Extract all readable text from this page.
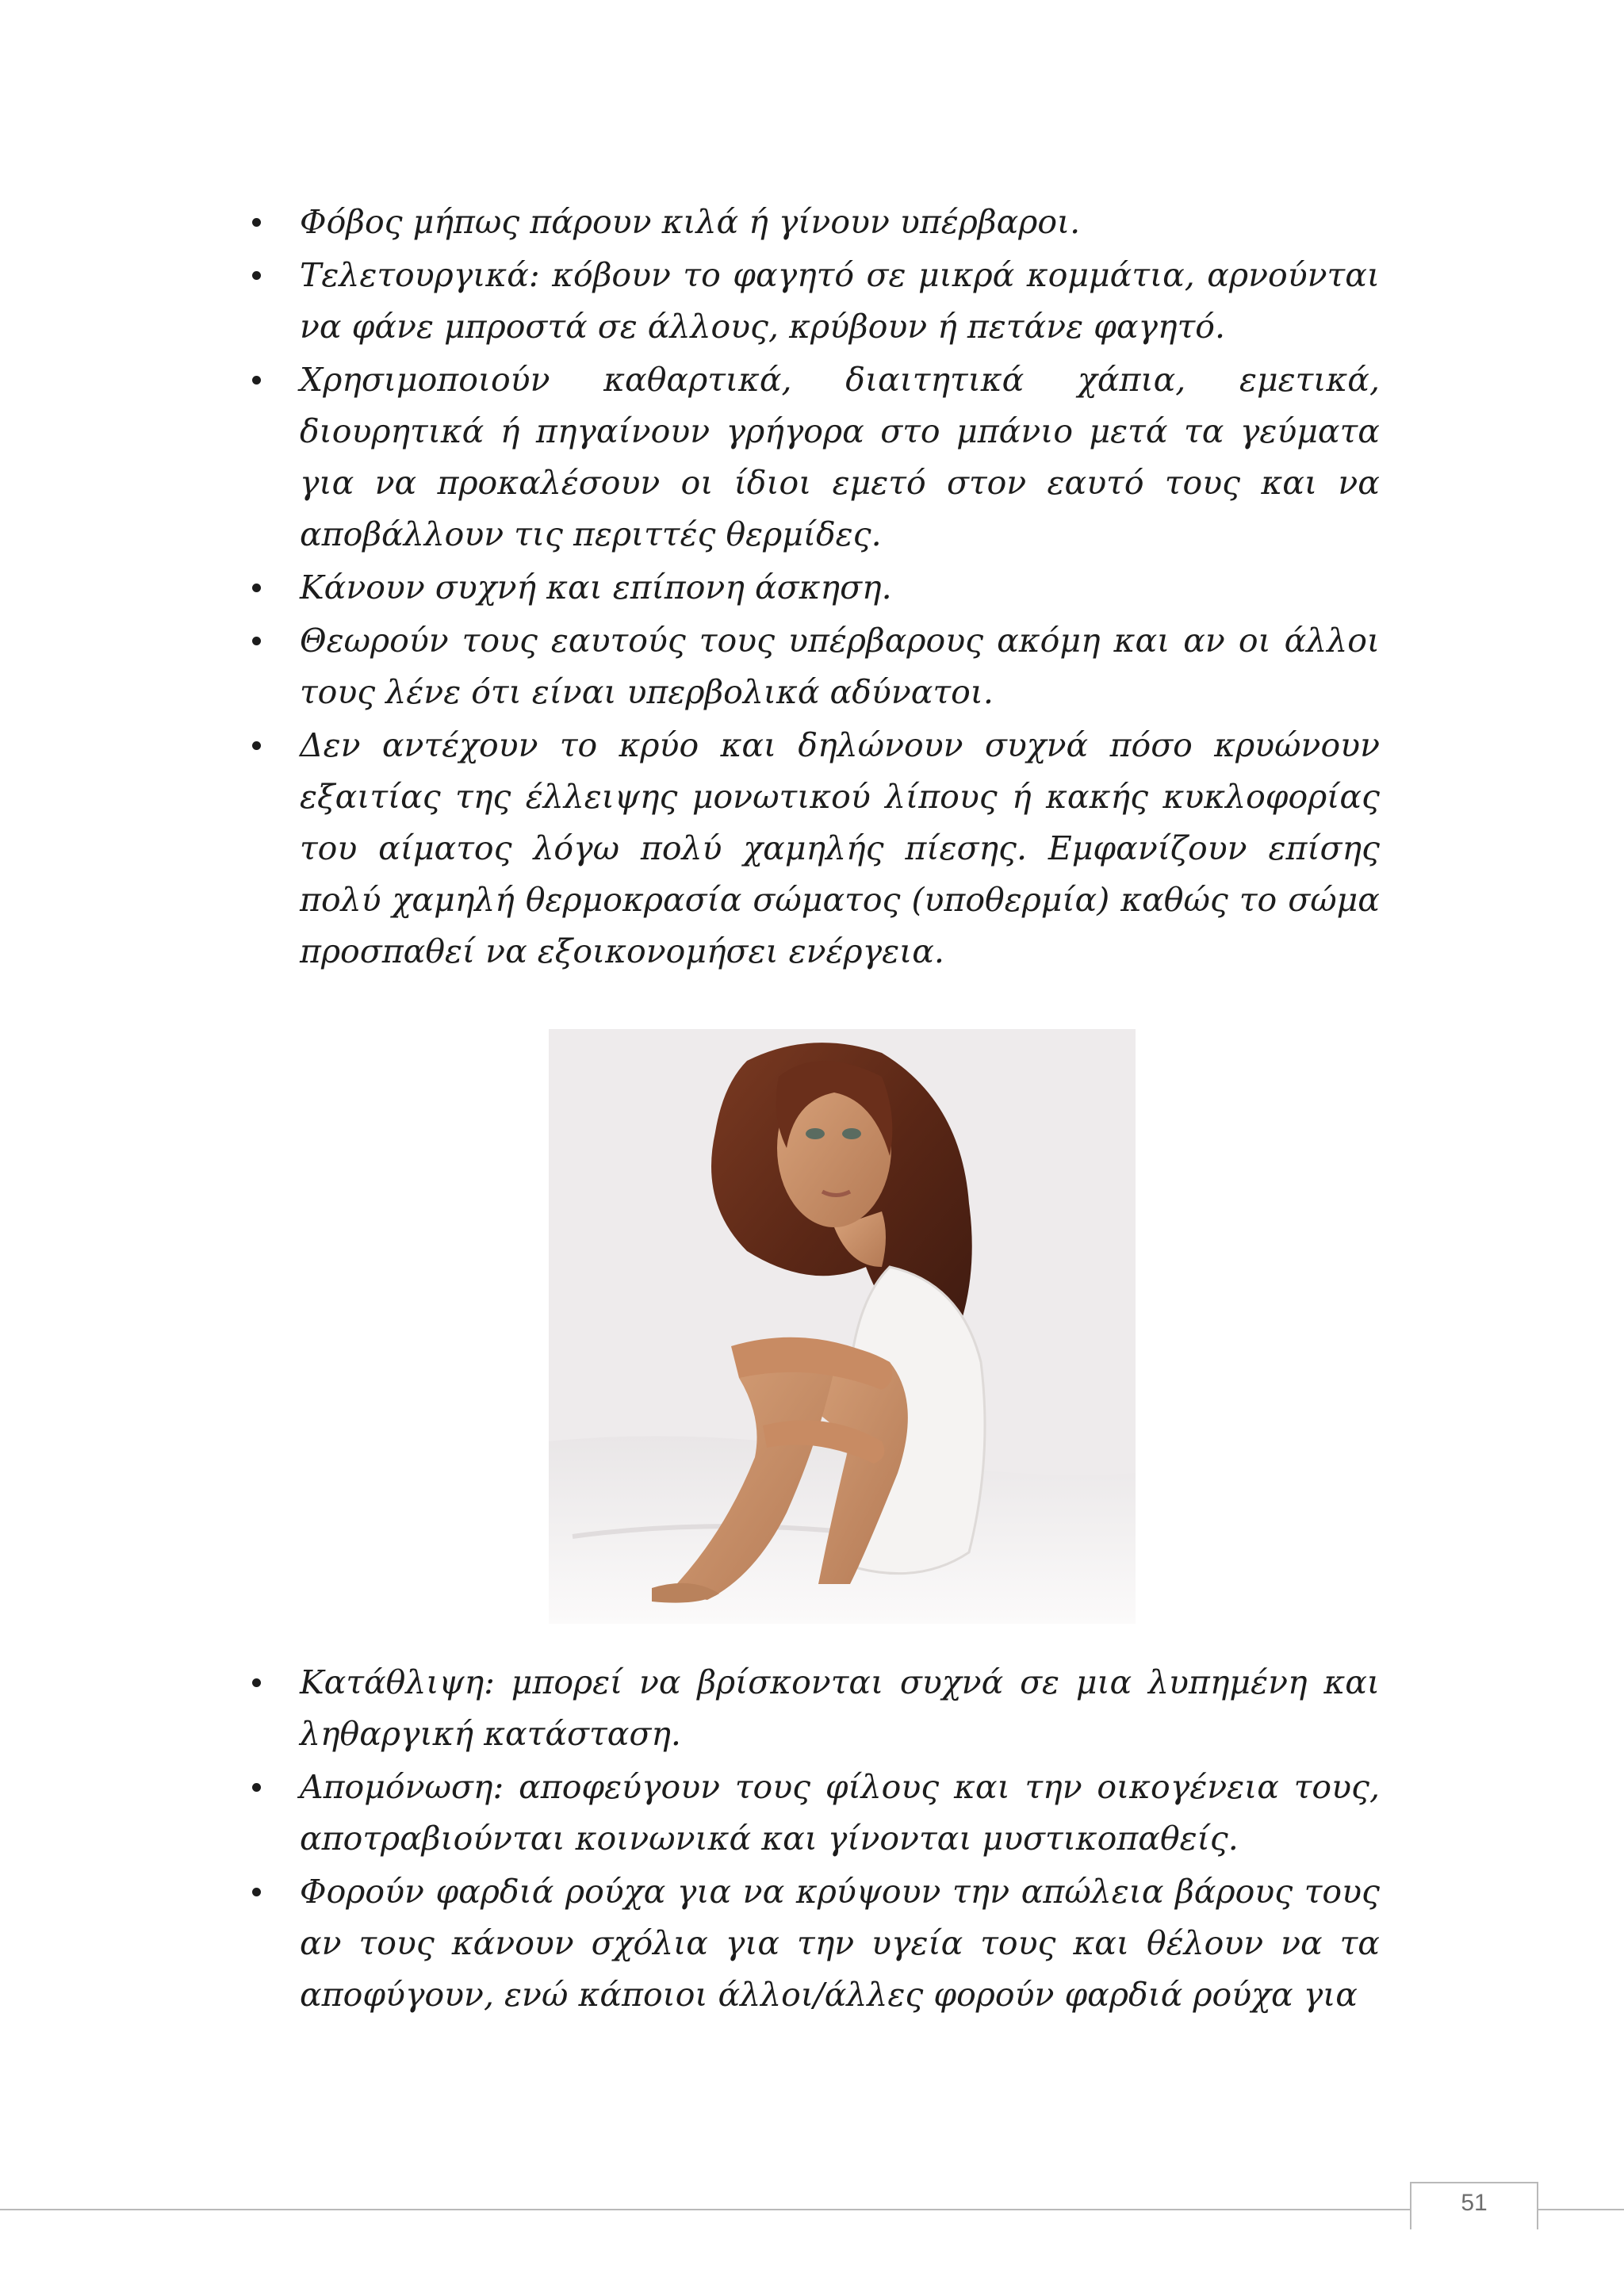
Φόβος μήπως πάρουν κιλά ή γίνουν υπέρβαροι.
Τελετουργικά: κόβουν το φαγητό σε μικρά κομμάτια, αρνούνται να φάνε μπροστά σε άλλους, κρύβουν ή πετάνε φαγητό.
Χρησιμοποιούν καθαρτικά, διαιτητικά χάπια, εμετικά, διουρητικά ή πηγαίνουν γρήγορα στο μπάνιο μετά τα γεύματα για να προκαλέσουν οι ίδιοι εμετό στον εαυτό τους και να αποβάλλουν τις περιττές θερμίδες.
Κάνουν συχνή και επίπονη άσκηση.
Θεωρούν τους εαυτούς τους υπέρβαρους ακόμη και αν οι άλλοι τους λένε ότι είναι υπερβολικά αδύνατοι.
Δεν αντέχουν το κρύο και δηλώνουν συχνά πόσο κρυώνουν εξαιτίας της έλλειψης μονωτικού λίπους ή κακής κυκλοφορίας του αίματος λόγω πολύ χαμηλής πίεσης. Εμφανίζουν επίσης πολύ χαμηλή θερμοκρασία σώματος (υποθερμία) καθώς το σώμα προσπαθεί να εξοικονομήσει ενέργεια.
Κατάθλιψη: μπορεί να βρίσκονται συχνά σε μια λυπημένη και ληθαργική κατάσταση.
Απομόνωση: αποφεύγουν τους φίλους και την οικογένεια τους, αποτραβιούνται κοινωνικά και γίνονται μυστικοπαθείς.
Φορούν φαρδιά ρούχα για να κρύψουν την απώλεια βάρους τους αν τους κάνουν σχόλια για την υγεία τους και θέλουν να τα αποφύγουν, ενώ κάποιοι άλλοι/άλλες φορούν φαρδιά ρούχα για
51
